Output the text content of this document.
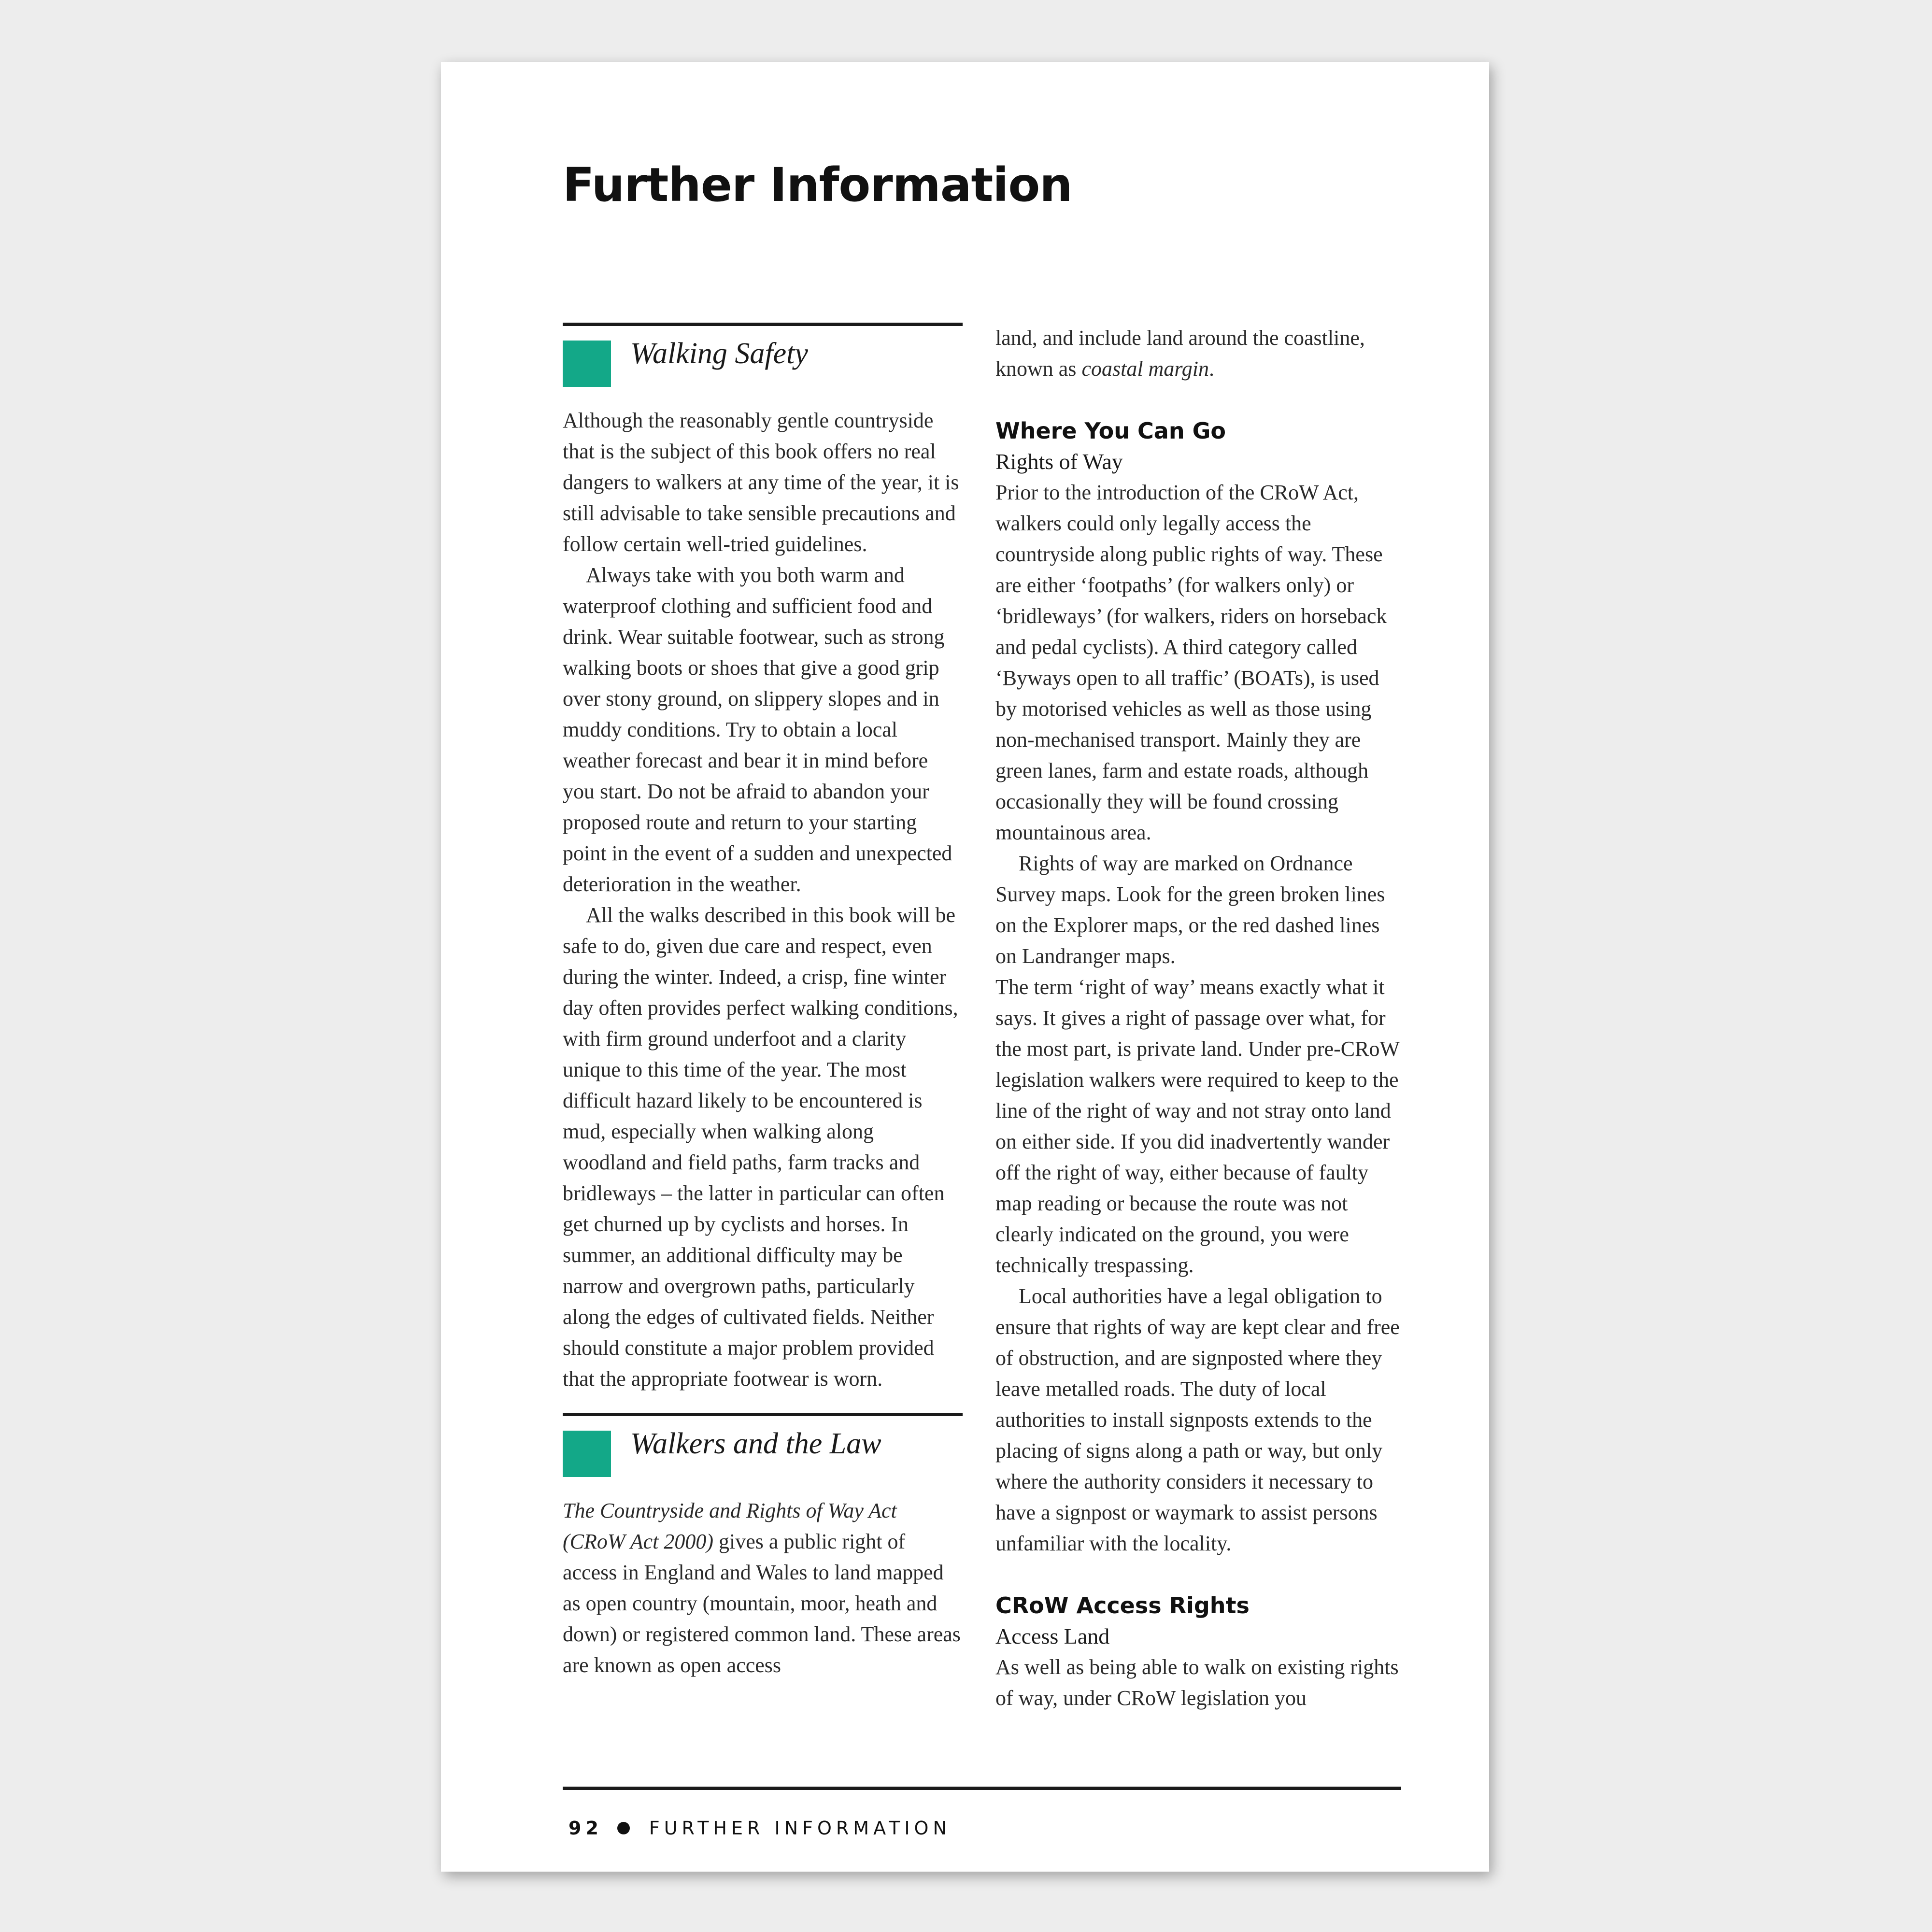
Further Information
Walking Safety

Although the reasonably gentle countryside that is the subject of this book offers no real dangers to walkers at any time of the year, it is still advisable to take sensible precautions and follow certain well-tried guidelines.

Always take with you both warm and waterproof clothing and sufficient food and drink. Wear suitable footwear, such as strong walking boots or shoes that give a good grip over stony ground, on slippery slopes and in muddy conditions. Try to obtain a local weather forecast and bear it in mind before you start. Do not be afraid to abandon your proposed route and return to your starting point in the event of a sudden and unexpected deterioration in the weather.

All the walks described in this book will be safe to do, given due care and respect, even during the winter. Indeed, a crisp, fine winter day often provides perfect walking conditions, with firm ground underfoot and a clarity unique to this time of the year. The most difficult hazard likely to be encountered is mud, especially when walking along woodland and field paths, farm tracks and bridleways – the latter in particular can often get churned up by cyclists and horses. In summer, an additional difficulty may be narrow and overgrown paths, particularly along the edges of cultivated fields. Neither should constitute a major problem provided that the appropriate footwear is worn.

Walkers and the Law

The Countryside and Rights of Way Act (CRoW Act 2000) gives a public right of access in England and Wales to land mapped as open country (mountain, moor, heath and down) or registered common land. These areas are known as open access

land, and include land around the coastline, known as coastal margin.

Where You Can Go
Rights of Way

Prior to the introduction of the CRoW Act, walkers could only legally access the countryside along public rights of way. These are either ‘footpaths’ (for walkers only) or ‘bridleways’ (for walkers, riders on horseback and pedal cyclists). A third category called ‘Byways open to all traffic’ (BOATs), is used by motorised vehicles as well as those using non-mechanised transport. Mainly they are green lanes, farm and estate roads, although occasionally they will be found crossing mountainous area.

Rights of way are marked on Ordnance Survey maps. Look for the green broken lines on the Explorer maps, or the red dashed lines on Landranger maps.

The term ‘right of way’ means exactly what it says. It gives a right of passage over what, for the most part, is private land. Under pre-CRoW legislation walkers were required to keep to the line of the right of way and not stray onto land on either side. If you did inadvertently wander off the right of way, either because of faulty map reading or because the route was not clearly indicated on the ground, you were technically trespassing.

Local authorities have a legal obligation to ensure that rights of way are kept clear and free of obstruction, and are signposted where they leave metalled roads. The duty of local authorities to install signposts extends to the placing of signs along a path or way, but only where the authority considers it necessary to have a signpost or waymark to assist persons unfamiliar with the locality.

CRoW Access Rights
Access Land

As well as being able to walk on existing rights of way, under CRoW legislation you

92	FURTHER INFORMATION
